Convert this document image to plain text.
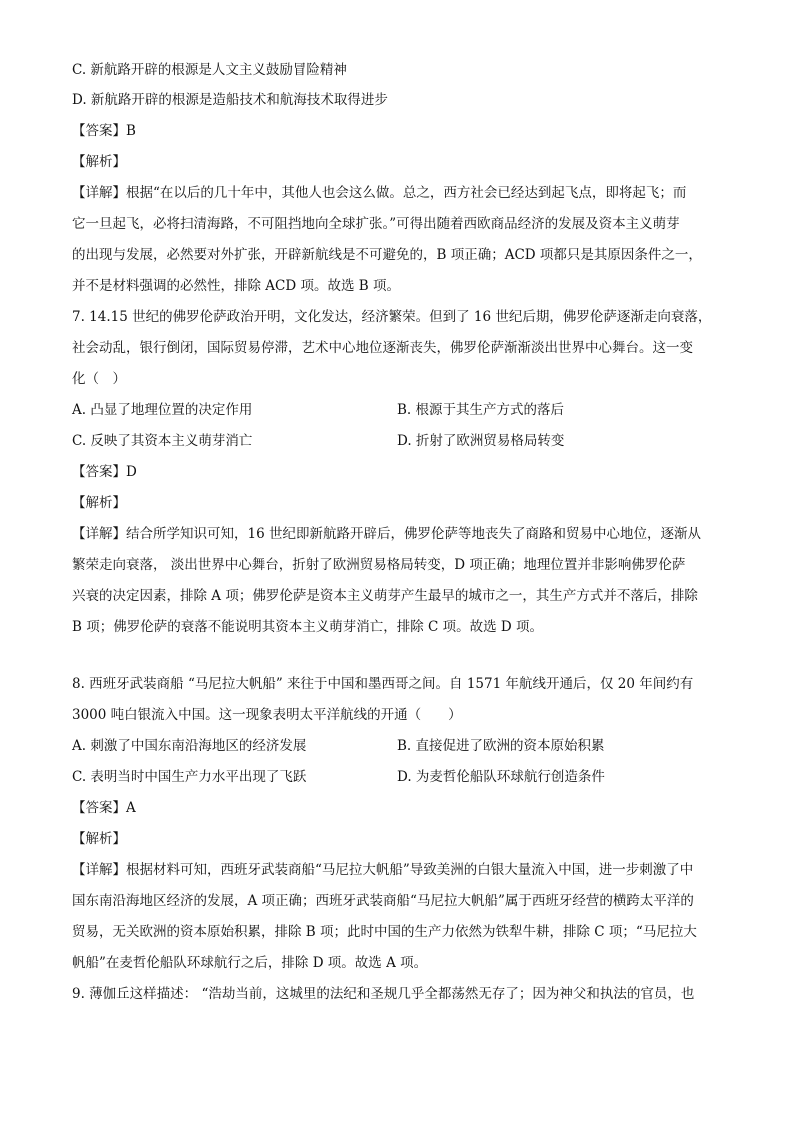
C. 新航路开辟的根源是人文主义鼓励冒险精神

D. 新航路开辟的根源是造船技术和航海技术取得进步

【答案】B

【解析】

【详解】根据“在以后的几十年中，其他人也会这么做。总之，西方社会已经达到起飞点，即将起飞；而

它一旦起飞，必将扫清海路，不可阻挡地向全球扩张。”可得出随着西欧商品经济的发展及资本主义萌芽

的出现与发展，必然要对外扩张，开辟新航线是不可避免的，B 项正确；ACD 项都只是其原因条件之一，

并不是材料强调的必然性，排除 ACD 项。故选 B 项。

7. 14.15 世纪的佛罗伦萨政治开明，文化发达，经济繁荣。但到了 16 世纪后期，佛罗伦萨逐渐走向衰落，

社会动乱，银行倒闭，国际贸易停滞，艺术中心地位逐渐丧失，佛罗伦萨渐渐淡出世界中心舞台。这一变

化（　）

A. 凸显了地理位置的决定作用	B. 根源于其生产方式的落后
C. 反映了其资本主义萌芽消亡	D. 折射了欧洲贸易格局转变

【答案】D

【解析】

【详解】结合所学知识可知，16 世纪即新航路开辟后，佛罗伦萨等地丧失了商路和贸易中心地位，逐渐从

繁荣走向衰落， 淡出世界中心舞台，折射了欧洲贸易格局转变，D 项正确；地理位置并非影响佛罗伦萨

兴衰的决定因素，排除 A 项；佛罗伦萨是资本主义萌芽产生最早的城市之一，其生产方式并不落后，排除

B 项；佛罗伦萨的衰落不能说明其资本主义萌芽消亡，排除 C 项。故选 D 项。

8. 西班牙武装商船 “马尼拉大帆船” 来往于中国和墨西哥之间。自 1571 年航线开通后，仅 20 年间约有

3000 吨白银流入中国。这一现象表明太平洋航线的开通（　　）

A. 刺激了中国东南沿海地区的经济发展	B. 直接促进了欧洲的资本原始积累
C. 表明当时中国生产力水平出现了飞跃	D. 为麦哲伦船队环球航行创造条件

【答案】A

【解析】

【详解】根据材料可知，西班牙武装商船“马尼拉大帆船”导致美洲的白银大量流入中国，进一步刺激了中

国东南沿海地区经济的发展，A 项正确；西班牙武装商船“马尼拉大帆船”属于西班牙经营的横跨太平洋的

贸易，无关欧洲的资本原始积累，排除 B 项；此时中国的生产力依然为铁犁牛耕，排除 C 项；“马尼拉大

帆船”在麦哲伦船队环球航行之后，排除 D 项。故选 A 项。

9. 薄伽丘这样描述： “浩劫当前，这城里的法纪和圣规几乎全都荡然无存了；因为神父和执法的官员，也
